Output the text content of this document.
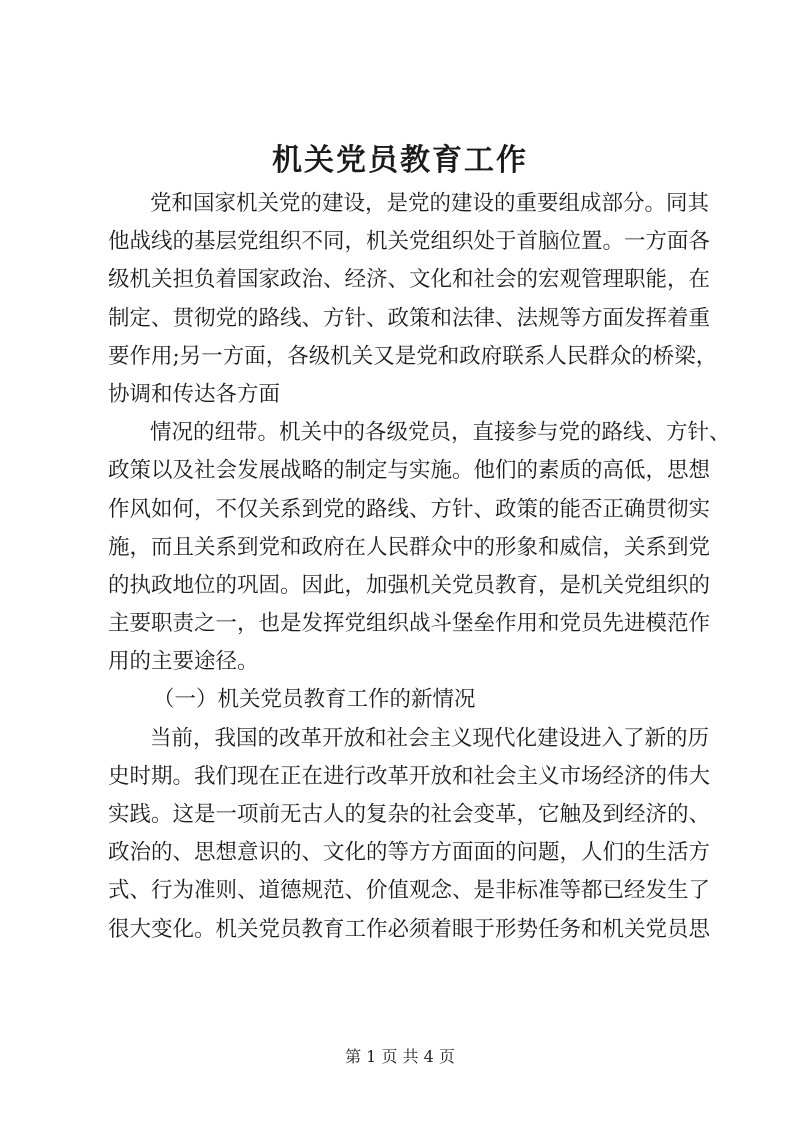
机关党员教育工作
党和国家机关党的建设，是党的建设的重要组成部分。同其
他战线的基层党组织不同，机关党组织处于首脑位置。一方面各
级机关担负着国家政治、经济、文化和社会的宏观管理职能，在
制定、贯彻党的路线、方针、政策和法律、法规等方面发挥着重
要作用;另一方面，各级机关又是党和政府联系人民群众的桥梁，
协调和传达各方面
情况的纽带。机关中的各级党员，直接参与党的路线、方针、
政策以及社会发展战略的制定与实施。他们的素质的高低，思想
作风如何，不仅关系到党的路线、方针、政策的能否正确贯彻实
施，而且关系到党和政府在人民群众中的形象和威信，关系到党
的执政地位的巩固。因此，加强机关党员教育，是机关党组织的
主要职责之一，也是发挥党组织战斗堡垒作用和党员先进模范作
用的主要途径。
（一）机关党员教育工作的新情况
当前，我国的改革开放和社会主义现代化建设进入了新的历
史时期。我们现在正在进行改革开放和社会主义市场经济的伟大
实践。这是一项前无古人的复杂的社会变革，它触及到经济的、
政治的、思想意识的、文化的等方方面面的问题，人们的生活方
式、行为准则、道德规范、价值观念、是非标准等都已经发生了
很大变化。机关党员教育工作必须着眼于形势任务和机关党员思
第 1 页 共 4 页
